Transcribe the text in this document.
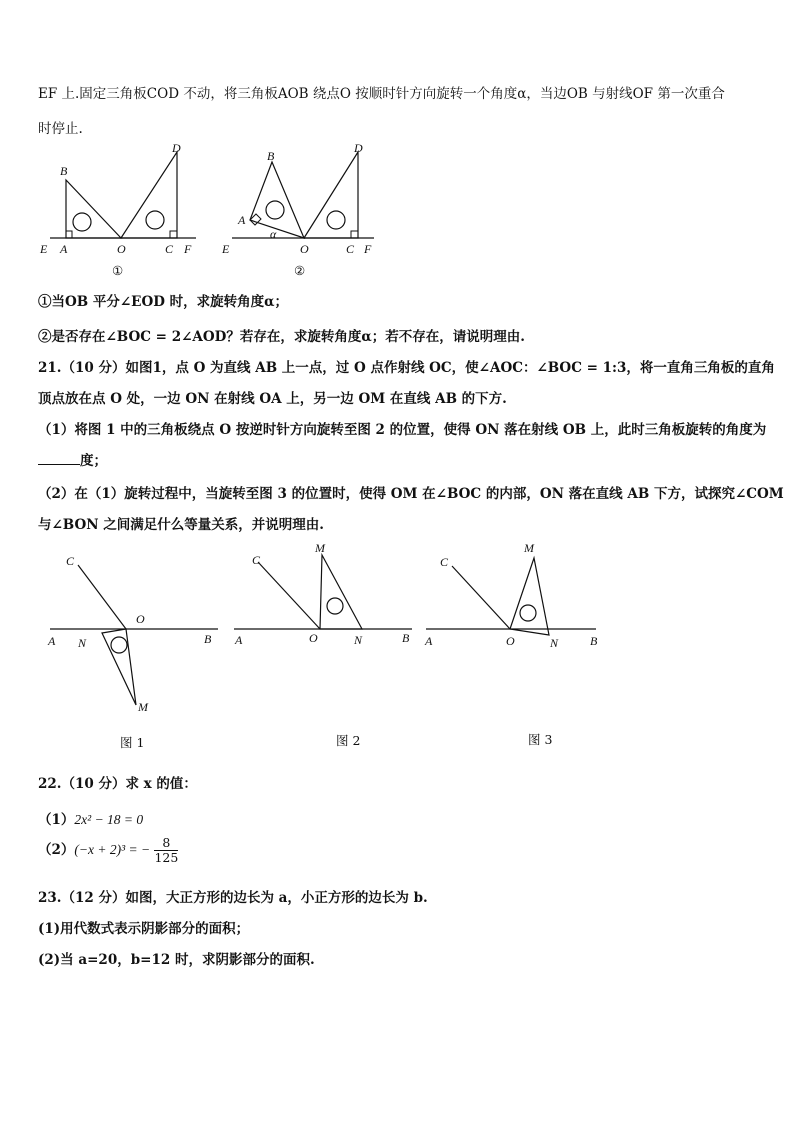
EF 上.固定三角板COD 不动，将三角板AOB 绕点O 按顺时针方向旋转一个角度α，当边OB 与射线OF 第一次重合
时停止.
B
D
E A	O	C F
①
B
D
A
α
E	O	C F
②
①当OB 平分∠EOD 时，求旋转角度α；
②是否存在∠BOC = 2∠AOD？若存在，求旋转角度α；若不存在，请说明理由.
21.（10 分）如图1，点 O 为直线 AB 上一点，过 O 点作射线 OC，使∠AOC：∠BOC = 1:3，将一直角三角板的直角
顶点放在点 O 处，一边 ON 在射线 OA 上，另一边 OM 在直线 AB 的下方.
（1）将图 1 中的三角板绕点 O 按逆时针方向旋转至图 2 的位置，使得 ON 落在射线 OB 上，此时三角板旋转的角度为
度；
（2）在（1）旋转过程中，当旋转至图 3 的位置时，使得 OM 在∠BOC 的内部，ON 落在直线 AB 下方，试探究∠COM
与∠BON 之间满足什么等量关系，并说明理由.
C
O
A N	B
M
图 1
C
M
A	O	N	B
图 2
C
M
A	O	N	B
图 3
22.（10 分）求 x 的值：
（1）2x² − 18 = 0
（2）(−x + 2)³ = − $\frac{8}{125}$
23.（12 分）如图，大正方形的边长为 a，小正方形的边长为 b.
(1)用代数式表示阴影部分的面积；
(2)当 a=20，b=12 时，求阴影部分的面积.
